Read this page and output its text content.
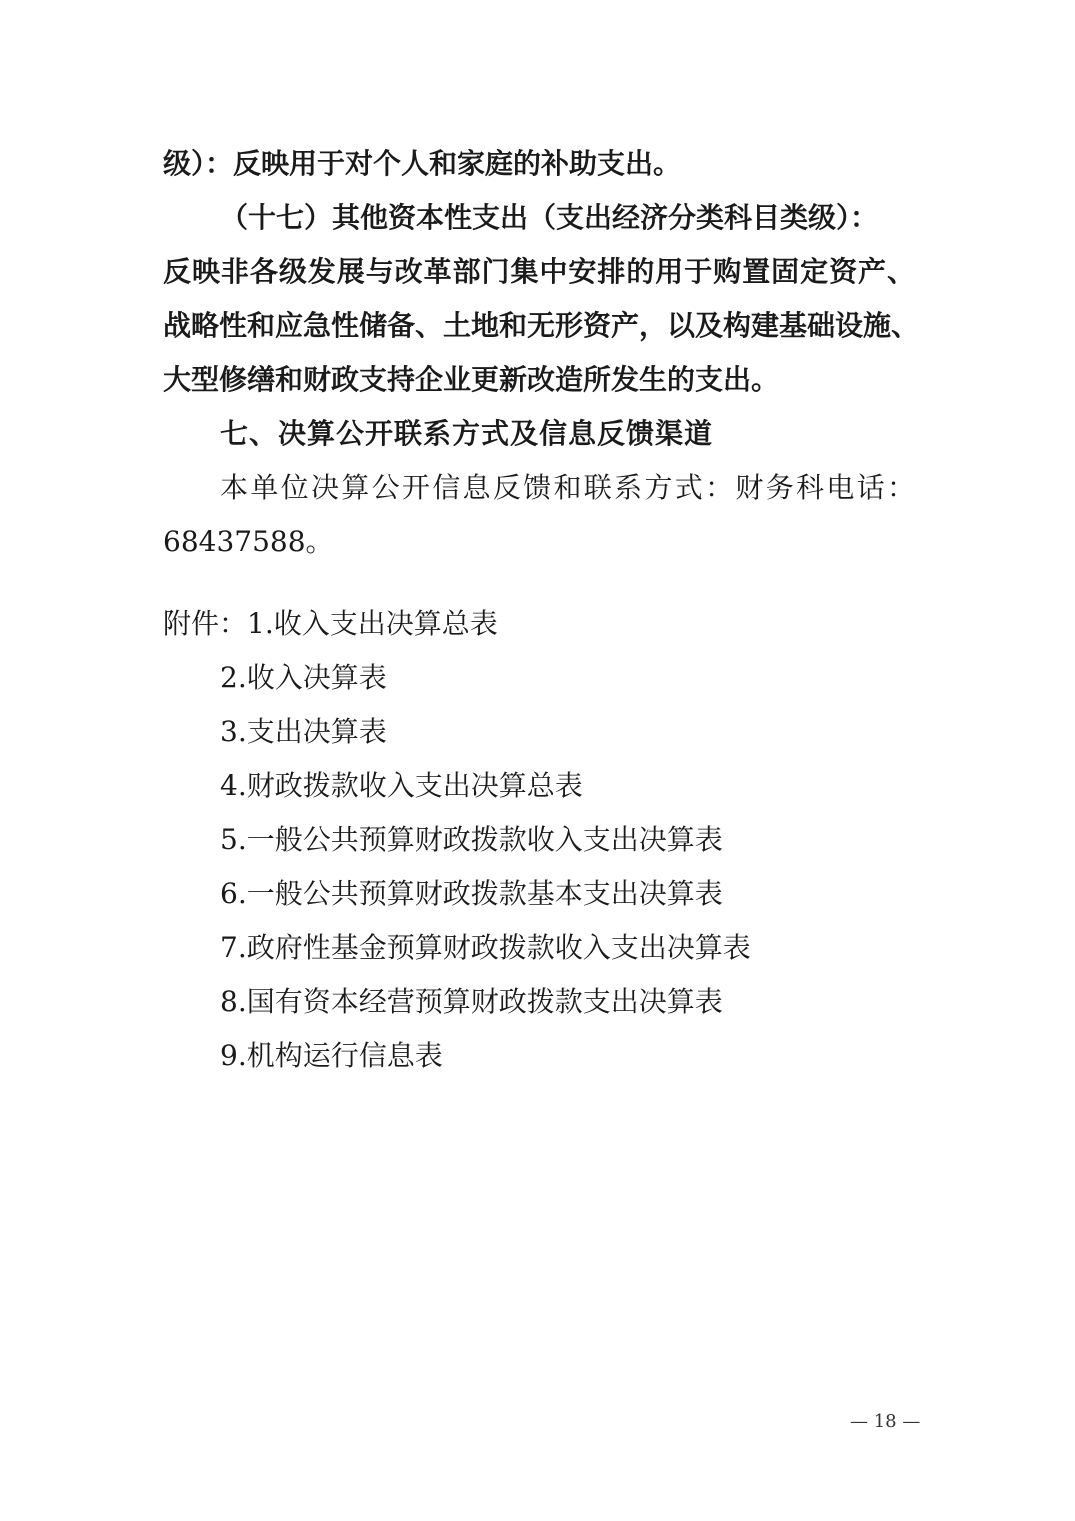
级）：反映用于对个人和家庭的补助支出。
（十七）其他资本性支出（支出经济分类科目类级）：
反映非各级发展与改革部门集中安排的用于购置固定资产、
战略性和应急性储备、土地和无形资产，以及构建基础设施、
大型修缮和财政支持企业更新改造所发生的支出。
七、决算公开联系方式及信息反馈渠道
本单位决算公开信息反馈和联系方式：财务科电话：
68437588。
附件：1.收入支出决算总表
2.收入决算表
3.支出决算表
4.财政拨款收入支出决算总表
5.一般公共预算财政拨款收入支出决算表
6.一般公共预算财政拨款基本支出决算表
7.政府性基金预算财政拨款收入支出决算表
8.国有资本经营预算财政拨款支出决算表
9.机构运行信息表
— 18 —
